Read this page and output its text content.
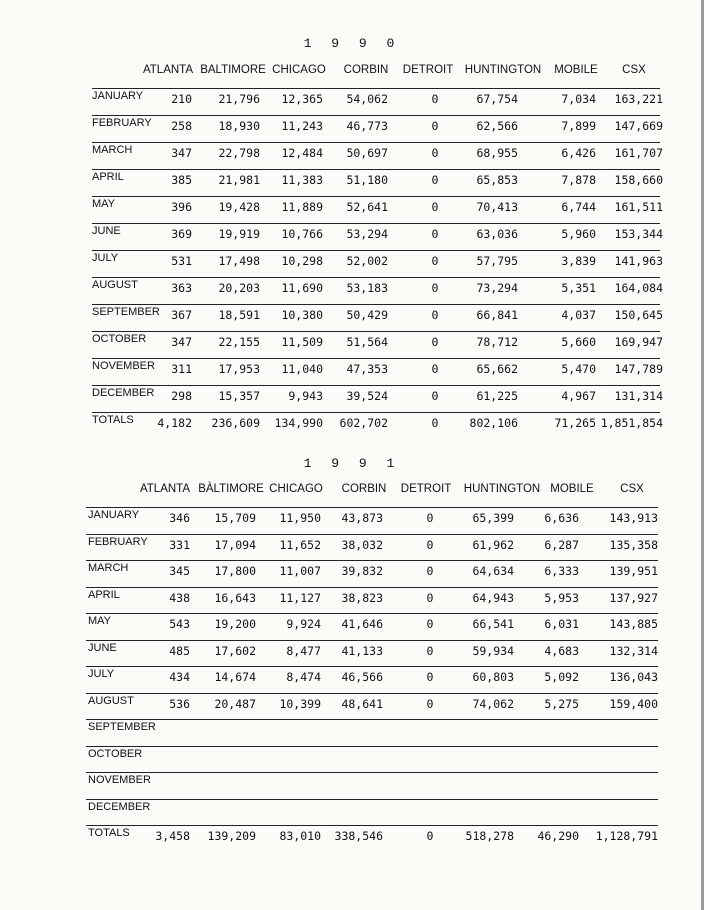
1 9 9 0
ATLANTA BALTIMORE CHICAGO CORBIN DETROIT HUNTINGTON MOBILE CSX
JANUARY 210 21,796 12,365 54,062	0	67,754	7,034 163,221
FEBRUARY 258 18,930 11,243 46,773	0	62,566	7,899 147,669
MARCH	347 22,798 12,484 50,697	0	68,955	6,426 161,707
APRIL	385 21,981 11,383 51,180	0	65,853	7,878 158,660
MAY	396 19,428 11,889 52,641	0	70,413	6,744 161,511
JUNE	369 19,919 10,766 53,294	0	63,036	5,960 153,344
JULY	531 17,498 10,298 52,002	0	57,795	3,839 141,963
AUGUST	363 20,203 11,690 53,183	0	73,294	5,351 164,084
SEPTEMBER 367 18,591 10,380 50,429	0	66,841	4,037 150,645
OCTOBER 347 22,155 11,509 51,564	0	78,712	5,660 169,947
NOVEMBER 311 17,953 11,040 47,353	0	65,662	5,470 147,789
DECEMBER 298 15,357 9,943 39,524	0	61,225	4,967 131,314
TOTALS 4,182 236,609 134,990 602,702	0	802,106	71,265 1,851,854
1 9 9 1
ATLANTA BÀLTIMORE CHICAGO CORBIN DETROIT HUNTINGTON MOBILE CSX
JANUARY	346 15,709 11,950 43,873	0	65,399	6,636	143,913
FEBRUARY 331 17,094 11,652 38,032	0	61,962	6,287	135,358
MARCH	345 17,800 11,007 39,832	0	64,634	6,333	139,951
APRIL	438 16,643 11,127 38,823	0	64,943	5,953	137,927
MAY	543 19,200	9,924 41,646	0	66,541	6,031	143,885
JUNE	485 17,602	8,477 41,133	0	59,934	4,683	132,314
JULY	434 14,674	8,474 46,566	0	60,803	5,092	136,043
AUGUST	536 20,487 10,399 48,641	0	74,062	5,275	159,400
SEPTEMBER
OCTOBER
NOVEMBER
DECEMBER
TOTALS 3,458 139,209 83,010 338,546	0	518,278 46,290 1,128,791
